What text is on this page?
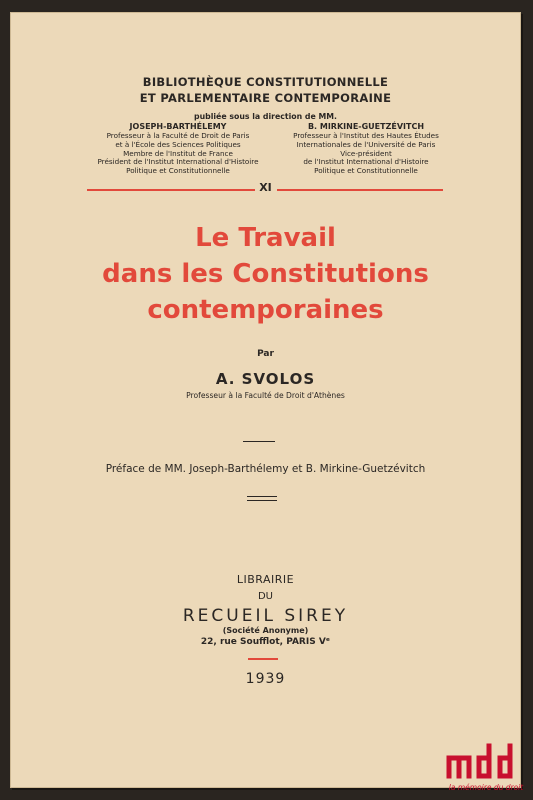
BIBLIOTHÈQUE CONSTITUTIONNELLE
ET PARLEMENTAIRE CONTEMPORAINE
publiée sous la direction de MM.
JOSEPH-BARTHÉLEMY
Professeur à la Faculté de Droit de Paris
et à l'École des Sciences Politiques
Membre de l'Institut de France
Président de l'Institut International d'Histoire
Politique et Constitutionnelle
B. MIRKINE-GUETZÉVITCH
Professeur à l'Institut des Hautes Études
Internationales de l'Université de Paris
Vice-président
de l'Institut International d'Histoire
Politique et Constitutionnelle
XI
Le Travail
dans les Constitutions
contemporaines
Par
A. SVOLOS
Professeur à la Faculté de Droit d'Athènes
Préface de MM. Joseph-Barthélemy et B. Mirkine-Guetzévitch
LIBRAIRIE
DU
RECUEIL SIREY
(Société Anonyme)
22, rue Soufflot, PARIS Vᵉ
1939
la mémoire du droit
